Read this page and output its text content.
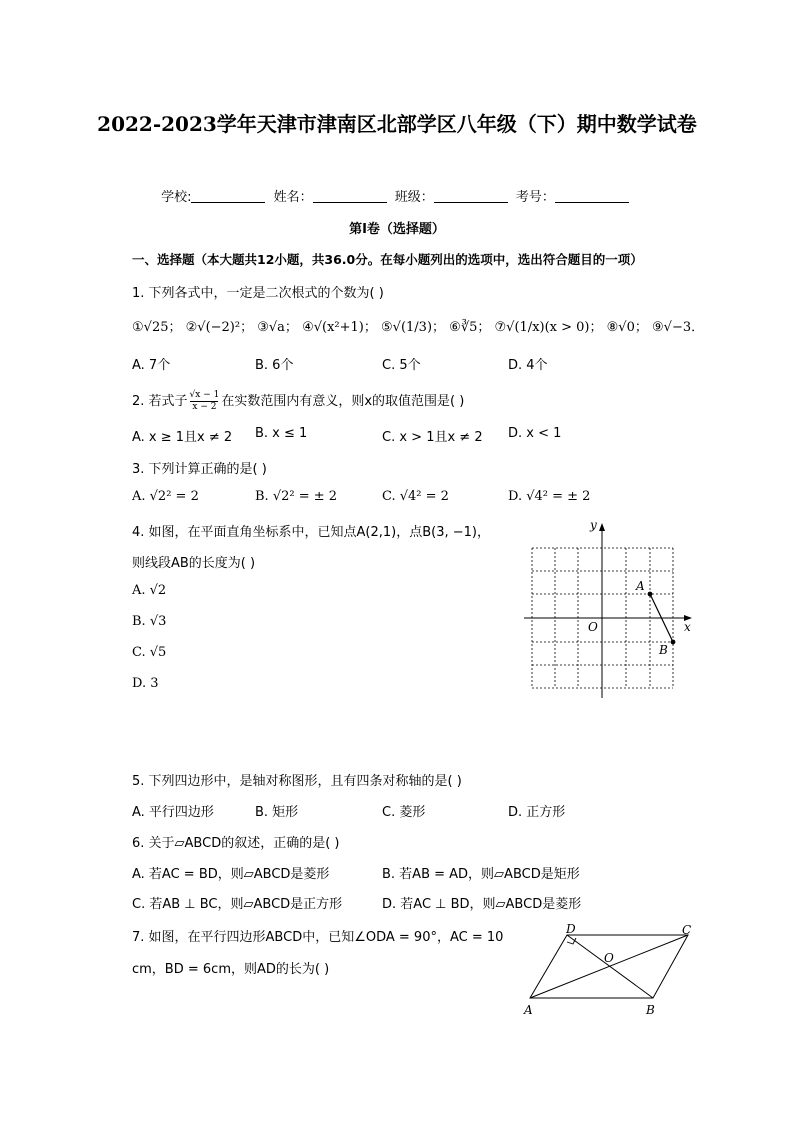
2022-2023学年天津市津南区北部学区八年级（下）期中数学试卷
学校:	姓名：	班级：	考号：
第I卷（选择题）
一、选择题（本大题共12小题，共36.0分。在每小题列出的选项中，选出符合题目的一项）
1. 下列各式中，一定是二次根式的个数为( )
①√25； ②√(−2)²； ③√a； ④√(x²+1)； ⑤√(1/3)； ⑥∛5； ⑦√(1/x)(x > 0)； ⑧√0； ⑨√−3．
A. 7个	B. 6个	C. 5个	D. 4个
2. 若式子 $\frac{√x - 1}{x - 2}$ 在实数范围内有意义，则x的取值范围是( )
A. x ≥ 1且x ≠ 2 B. x ≤ 1	C. x > 1且x ≠ 2 D. x < 1
3. 下列计算正确的是( )
A. √2² = 2	B. √2² = ± 2	C. √4² = 2	D. √4² = ± 2
4. 如图，在平面直角坐标系中，已知点A(2,1)，点B(3, −1)，
则线段AB的长度为( )
A. √2
B. √3
C. √5
D. 3
x
y
O
A
B
5. 下列四边形中，是轴对称图形，且有四条对称轴的是( )
A. 平行四边形	B. 矩形	C. 菱形	D. 正方形
6. 关于▱ABCD的叙述，正确的是( )
A. 若AC = BD，则▱ABCD是菱形	B. 若AB = AD，则▱ABCD是矩形
C. 若AB ⊥ BC，则▱ABCD是正方形	D. 若AC ⊥ BD，则▱ABCD是菱形
7. 如图，在平行四边形ABCD中，已知∠ODA = 90°，AC = 10
cm，BD = 6cm，则AD的长为( )
A	B
C
D
O
